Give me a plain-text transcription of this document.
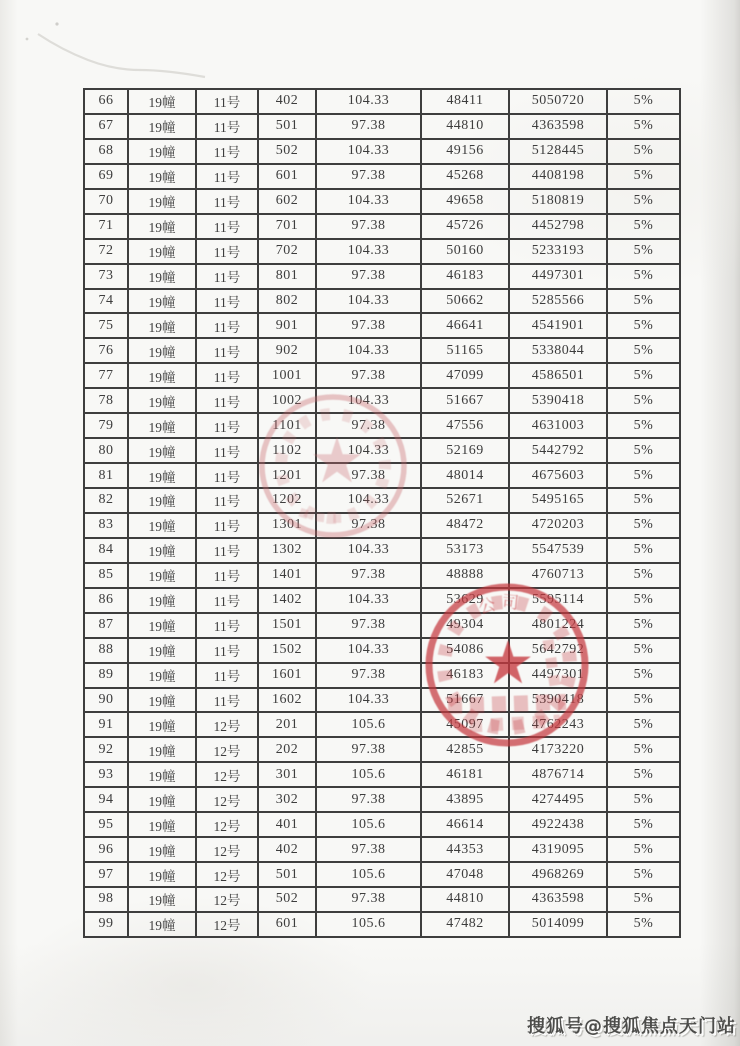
66	19幢	11号	402	104.33	48411	5050720	5%
67	19幢	11号	501	97.38	44810	4363598	5%
68	19幢	11号	502	104.33	49156	5128445	5%
69	19幢	11号	601	97.38	45268	4408198	5%
70	19幢	11号	602	104.33	49658	5180819	5%
71	19幢	11号	701	97.38	45726	4452798	5%
72	19幢	11号	702	104.33	50160	5233193	5%
73	19幢	11号	801	97.38	46183	4497301	5%
74	19幢	11号	802	104.33	50662	5285566	5%
75	19幢	11号	901	97.38	46641	4541901	5%
76	19幢	11号	902	104.33	51165	5338044	5%
77	19幢	11号	1001	97.38	47099	4586501	5%
78	19幢	11号	1002	104.33	51667	5390418	5%
79	19幢	11号	1101	97.38	47556	4631003	5%
80	19幢	11号	1102	104.33	52169	5442792	5%
81	19幢	11号	1201	97.38	48014	4675603	5%
82	19幢	11号	1202	104.33	52671	5495165	5%
83	19幢	11号	1301	97.38	48472	4720203	5%
84	19幢	11号	1302	104.33	53173	5547539	5%
85	19幢	11号	1401	97.38	48888	4760713	5%
86	19幢	11号	1402	104.33	53629	5595114	5%
87	19幢	11号	1501	97.38	49304	4801224	5%
88	19幢	11号	1502	104.33	54086	5642792	5%
89	19幢	11号	1601	97.38	46183	4497301	5%
90	19幢	11号	1602	104.33	51667	5390418	5%
91	19幢	12号	201	105.6	45097	4762243	5%
92	19幢	12号	202	97.38	42855	4173220	5%
93	19幢	12号	301	105.6	46181	4876714	5%
94	19幢	12号	302	97.38	43895	4274495	5%
95	19幢	12号	401	105.6	46614	4922438	5%
96	19幢	12号	402	97.38	44353	4319095	5%
97	19幢	12号	501	105.6	47048	4968269	5%
98	19幢	12号	502	97.38	44810	4363598	5%
99	19幢	12号	601	105.6	47482	5014099	5%
公 司
搜狐号@搜狐焦点天门站
